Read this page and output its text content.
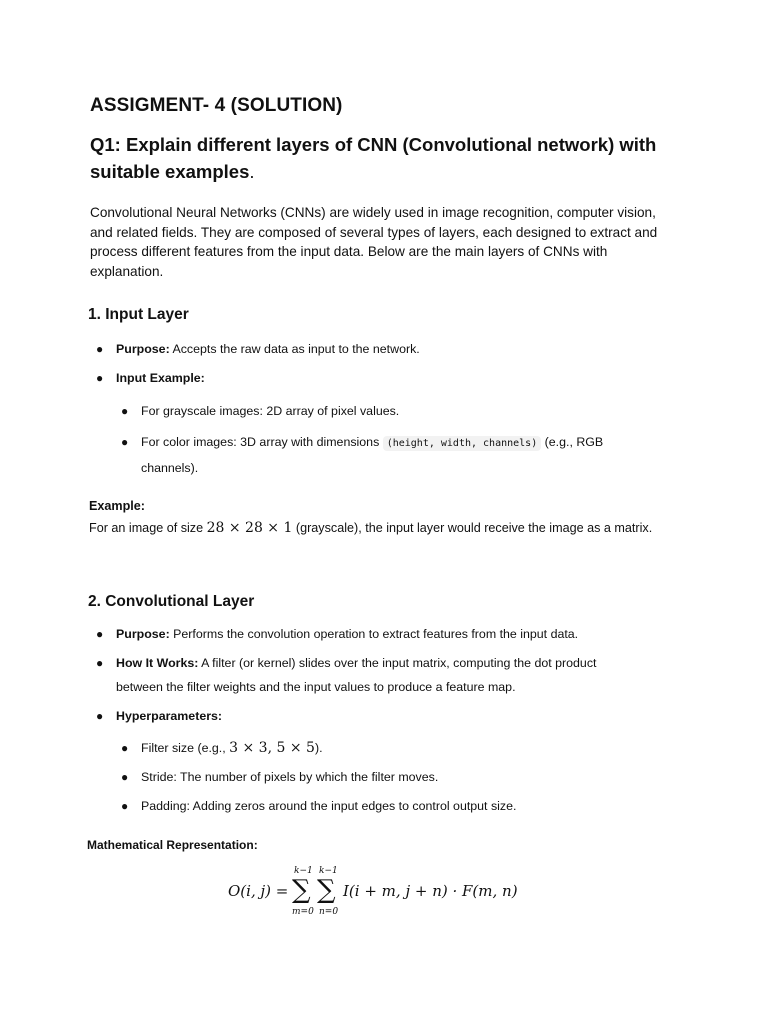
ASSIGMENT- 4 (SOLUTION)
Q1: Explain different layers of CNN (Convolutional network) with suitable examples.
Convolutional Neural Networks (CNNs) are widely used in image recognition, computer vision, and related fields. They are composed of several types of layers, each designed to extract and process different features from the input data. Below are the main layers of CNNs with explanation.
1. Input Layer
● Purpose: Accepts the raw data as input to the network.
● Input Example:
● For grayscale images: 2D array of pixel values.
● For color images: 3D array with dimensions (height, width, channels) (e.g., RGB channels).
Example:
For an image of size 28 × 28 × 1 (grayscale), the input layer would receive the image as a matrix.
2. Convolutional Layer
● Purpose: Performs the convolution operation to extract features from the input data.
● How It Works: A filter (or kernel) slides over the input matrix, computing the dot product between the filter weights and the input values to produce a feature map.
● Hyperparameters:
● Filter size (e.g., 3 × 3, 5 × 5).
● Stride: The number of pixels by which the filter moves.
● Padding: Adding zeros around the input edges to control output size.
Mathematical Representation:
O(i, j) =
k−1
∑
m=0
k−1
∑
n=0
I(i + m, j + n) · F(m, n)
